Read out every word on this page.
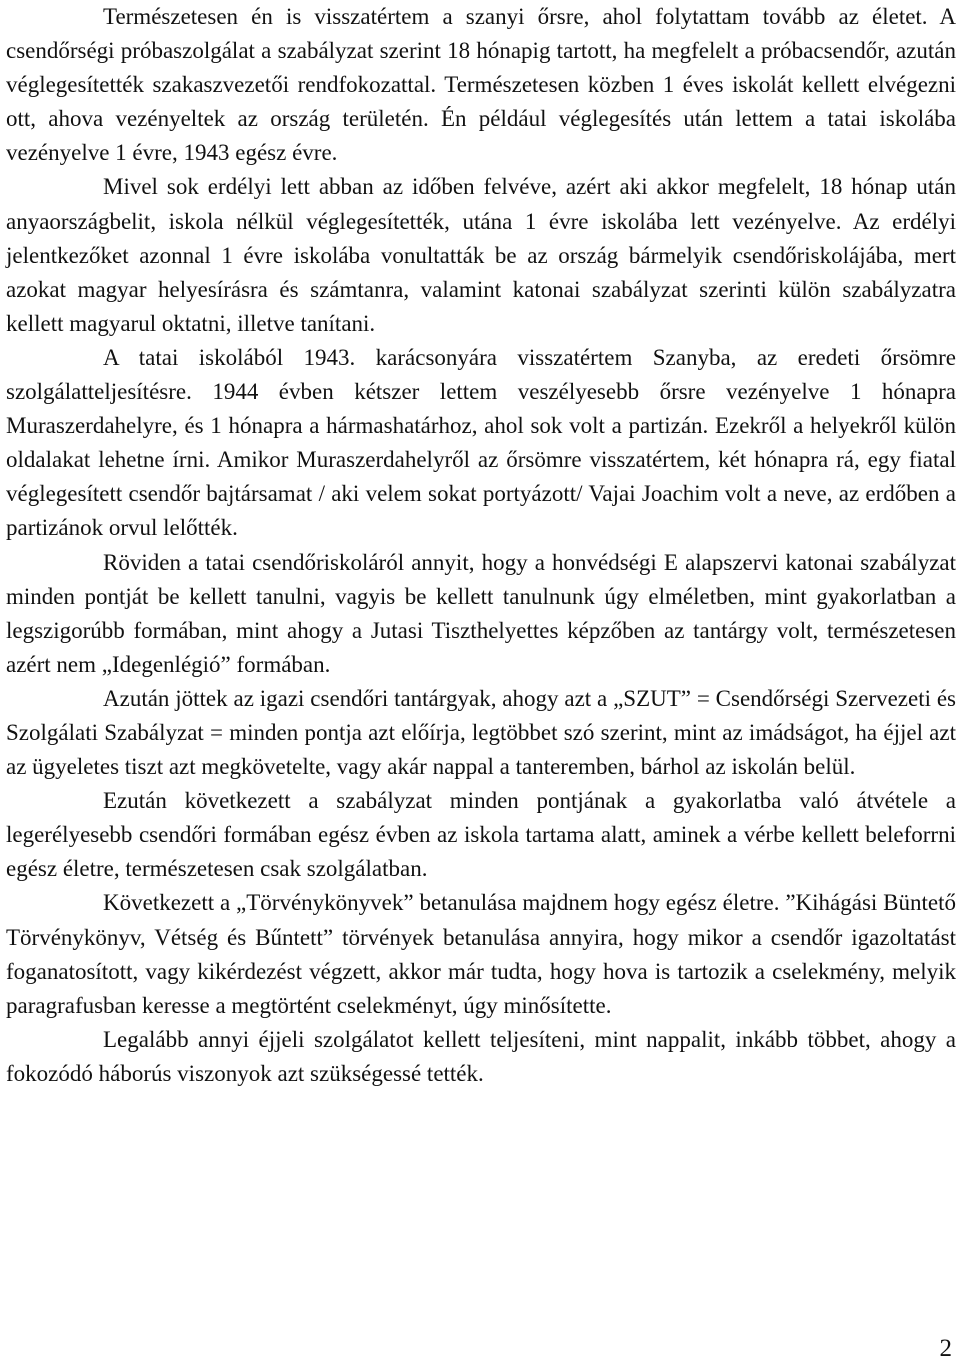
Természetesen én is visszatértem a szanyi őrsre, ahol folytattam tovább az életet. A csendőrségi próbaszolgálat a szabályzat szerint 18 hónapig tartott, ha megfelelt a próbacsendőr, azután véglegesítették szakaszvezetői rendfokozattal. Természetesen közben 1 éves iskolát kellett elvégezni ott, ahova vezényeltek az ország területén. Én például véglegesítés után lettem a tatai iskolába vezényelve 1 évre, 1943 egész évre.

Mivel sok erdélyi lett abban az időben felvéve, azért aki akkor megfelelt, 18 hónap után anyaországbelit, iskola nélkül véglegesítették, utána 1 évre iskolába lett vezényelve. Az erdélyi jelentkezőket azonnal 1 évre iskolába vonultatták be az ország bármelyik csendőriskolájába, mert azokat magyar helyesírásra és számtanra, valamint katonai szabályzat szerinti külön szabályzatra kellett magyarul oktatni, illetve tanítani.

A tatai iskolából 1943. karácsonyára visszatértem Szanyba, az eredeti őrsömre szolgálatteljesítésre. 1944 évben kétszer lettem veszélyesebb őrsre vezényelve 1 hónapra Muraszerdahelyre, és 1 hónapra a hármashatárhoz, ahol sok volt a partizán. Ezekről a helyekről külön oldalakat lehetne írni. Amikor Muraszerdahelyről az őrsömre visszatértem, két hónapra rá, egy fiatal véglegesített csendőr bajtársamat / aki velem sokat portyázott/ Vajai Joachim volt a neve, az erdőben a partizánok orvul lelőtték.

Röviden a tatai csendőriskoláról annyit, hogy a honvédségi E alapszervi katonai szabályzat minden pontját be kellett tanulni, vagyis be kellett tanulnunk úgy elméletben, mint gyakorlatban a legszigorúbb formában, mint ahogy a Jutasi Tiszthelyettes képzőben az tantárgy volt, természetesen azért nem „Idegenlégió” formában.

Azután jöttek az igazi csendőri tantárgyak, ahogy azt a „SZUT” = Csendőrségi Szervezeti és Szolgálati Szabályzat = minden pontja azt előírja, legtöbbet szó szerint, mint az imádságot, ha éjjel azt az ügyeletes tiszt azt megkövetelte, vagy akár nappal a tanteremben, bárhol az iskolán belül.

Ezután következett a szabályzat minden pontjának a gyakorlatba való átvétele a legerélyesebb csendőri formában egész évben az iskola tartama alatt, aminek a vérbe kellett beleforrni egész életre, természetesen csak szolgálatban.

Következett a „Törvénykönyvek” betanulása majdnem hogy egész életre. ”Kihágási Büntető Törvénykönyv, Vétség és Bűntett” törvények betanulása annyira, hogy mikor a csendőr igazoltatást foganatosított, vagy kikérdezést végzett, akkor már tudta, hogy hova is tartozik a cselekmény, melyik paragrafusban keresse a megtörtént cselekményt, úgy minősítette.

Legalább annyi éjjeli szolgálatot kellett teljesíteni, mint nappalit, inkább többet, ahogy a fokozódó háborús viszonyok azt szükségessé tették.

2
